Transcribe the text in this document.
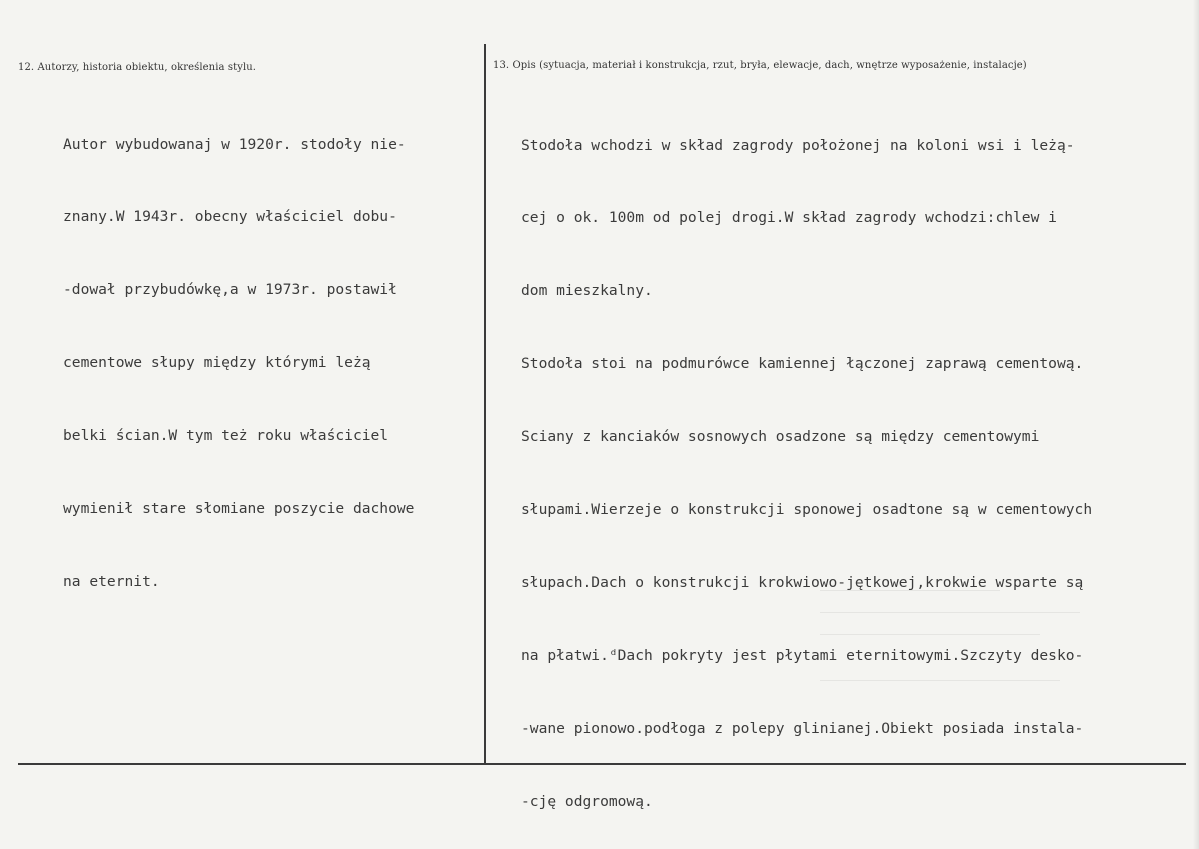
12. Autorzy, historia obiektu, określenia stylu.	13. Opis (sytuacja, materiał i konstrukcja, rzut, bryła, elewacje, dach, wnętrze wyposażenie, instalacje)

Autor wybudowanaj w 1920r. stodoły nie-

znany.W 1943r. obecny właściciel dobu-

-dował przybudówkę,a w 1973r. postawił

cementowe słupy między którymi leżą

belki ścian.W tym też roku właściciel

wymienił stare słomiane poszycie dachowe

na eternit.

Stodoła wchodzi w skład zagrody położonej na koloni wsi i leżą-

cej o ok. 100m od polej drogi.W skład zagrody wchodzi:chlew i

dom mieszkalny.

Stodoła stoi na podmurówce kamiennej łączonej zaprawą cementową.

Sciany z kanciaków sosnowych osadzone są między cementowymi

słupami.Wierzeje o konstrukcji sponowej osadtone są w cementowych

słupach.Dach o konstrukcji krokwiowo-jętkowej,krokwie wsparte są

na płatwi.ᵈDach pokryty jest płytami eternitowymi.Szczyty desko-

-wane pionowo.podłoga z polepy glinianej.Obiekt posiada instala-

-cję odgromową.
